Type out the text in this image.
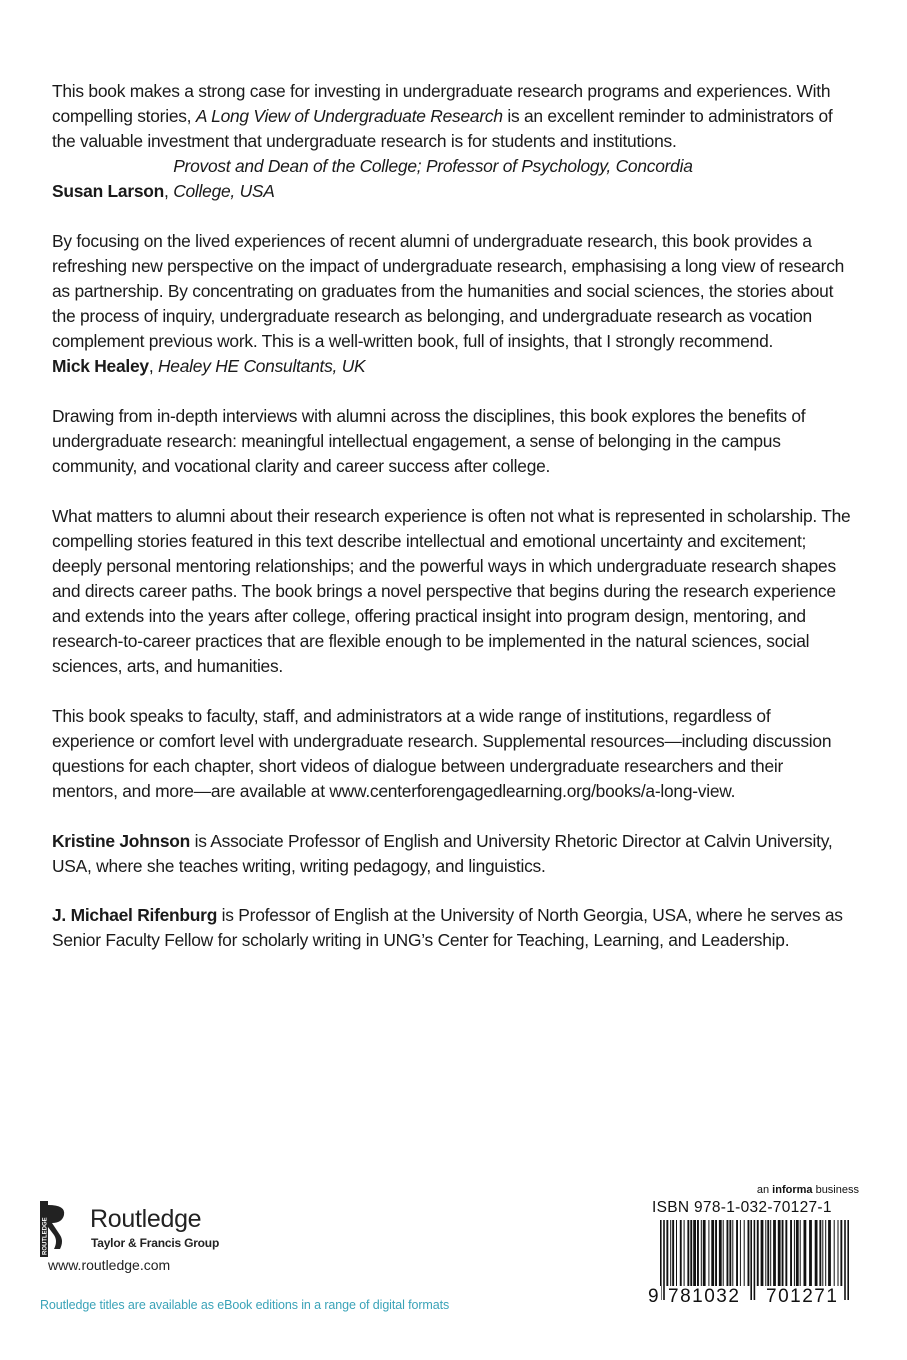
This book makes a strong case for investing in undergraduate research programs and experiences. With compelling stories, A Long View of Undergraduate Research is an excellent reminder to administrators of the valuable investment that undergraduate research is for students and institutions.

Susan Larson, Provost and Dean of the College; Professor of Psychology, Concordia College, USA

By focusing on the lived experiences of recent alumni of undergraduate research, this book provides a refreshing new perspective on the impact of undergraduate research, emphasising a long view of research as partnership. By concentrating on graduates from the humanities and social sciences, the stories about the process of inquiry, undergraduate research as belonging, and undergraduate research as vocation complement previous work. This is a well-written book, full of insights, that I strongly recommend.

Mick Healey, Healey HE Consultants, UK

Drawing from in-depth interviews with alumni across the disciplines, this book explores the benefits of undergraduate research: meaningful intellectual engagement, a sense of belonging in the campus community, and vocational clarity and career success after college.
What matters to alumni about their research experience is often not what is represented in scholarship. The compelling stories featured in this text describe intellectual and emotional uncertainty and excitement; deeply personal mentoring relationships; and the powerful ways in which undergraduate research shapes and directs career paths. The book brings a novel perspective that begins during the research experience and extends into the years after college, offering practical insight into program design, mentoring, and research-to-career practices that are flexible enough to be implemented in the natural sciences, social sciences, arts, and humanities.
This book speaks to faculty, staff, and administrators at a wide range of institutions, regardless of experience or comfort level with undergraduate research. Supplemental resources—including discussion questions for each chapter, short videos of dialogue between undergraduate researchers and their mentors, and more—are available at www.centerforengagedlearning.org/books/a-long-view.
Kristine Johnson is Associate Professor of English and University Rhetoric Director at Calvin University, USA, where she teaches writing, writing pedagogy, and linguistics.
J. Michael Rifenburg is Professor of English at the University of North Georgia, USA, where he serves as Senior Faculty Fellow for scholarly writing in UNG’s Center for Teaching, Learning, and Leadership.
ROUTLEDGE Routledge
Taylor & Francis Group
www.routledge.com
Routledge titles are available as eBook editions in a range of digital formats
an informa business
ISBN 978-1-032-70127-1
9 781032 701271
